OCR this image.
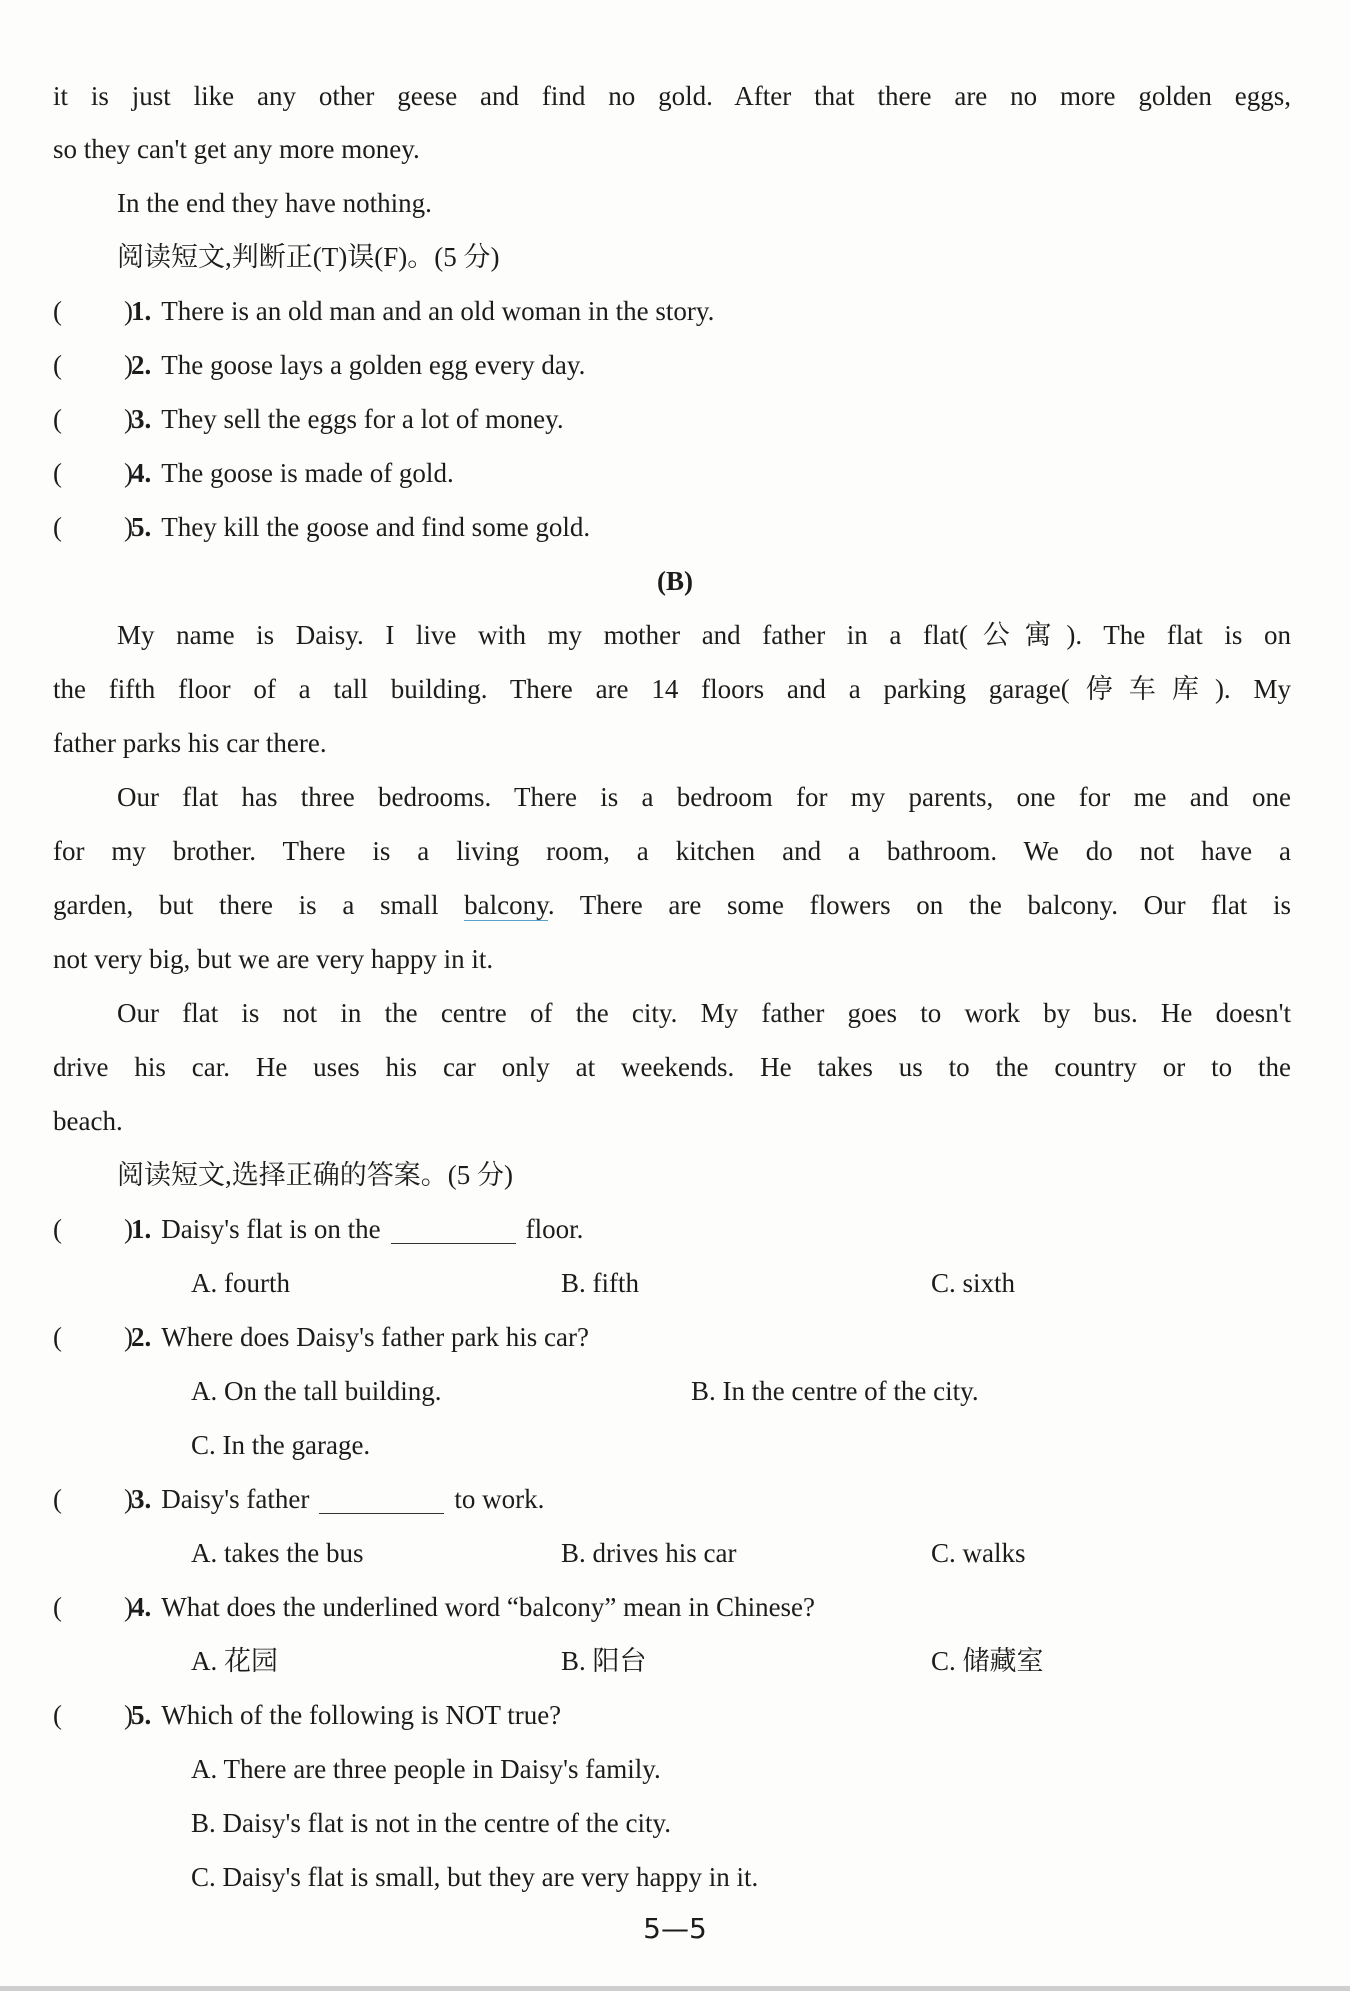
it is just like any other geese and find no gold. After that there are no more golden eggs,
so they can't get any more money.
In the end they have nothing.
阅读短文,判断正(T)误(F)。(5 分)
( )1. There is an old man and an old woman in the story.
( )2. The goose lays a golden egg every day.
( )3. They sell the eggs for a lot of money.
( )4. The goose is made of gold.
( )5. They kill the goose and find some gold.
(B)
My name is Daisy. I live with my mother and father in a flat(公寓). The flat is on
the fifth floor of a tall building. There are 14 floors and a parking garage(停车库). My
father parks his car there.
Our flat has three bedrooms. There is a bedroom for my parents, one for me and one
for my brother. There is a living room, a kitchen and a bathroom. We do not have a
garden, but there is a small balcony. There are some flowers on the balcony. Our flat is
not very big, but we are very happy in it.
Our flat is not in the centre of the city. My father goes to work by bus. He doesn't
drive his car. He uses his car only at weekends. He takes us to the country or to the
beach.
阅读短文,选择正确的答案。(5 分)
( )1. Daisy's flat is on the	floor.
A. fourth	B. fifth	C. sixth
( )2. Where does Daisy's father park his car?
A. On the tall building.	B. In the centre of the city.
C. In the garage.
( )3. Daisy's father	to work.
A. takes the bus	B. drives his car	C. walks
( )4. What does the underlined word “balcony” mean in Chinese?
A. 花园	B. 阳台	C. 储藏室
( )5. Which of the following is NOT true?
A. There are three people in Daisy's family.
B. Daisy's flat is not in the centre of the city.
C. Daisy's flat is small, but they are very happy in it.
5—5
